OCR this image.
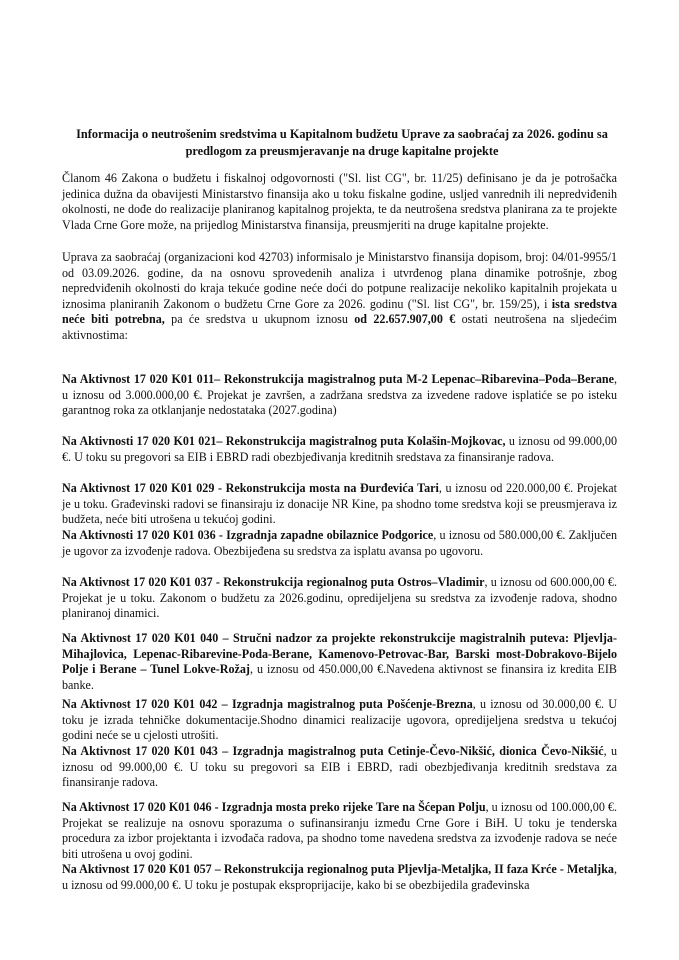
Informacija o neutrošenim sredstvima u Kapitalnom budžetu Uprave za saobraćaj za 2026. godinu sa predlogom za preusmjeravanje na druge kapitalne projekte
Članom 46 Zakona o budžetu i fiskalnoj odgovornosti ("Sl. list CG", br. 11/25) definisano je da je potrošačka jedinica dužna da obavijesti Ministarstvo finansija ako u toku fiskalne godine, usljed vanrednih ili nepredviđenih okolnosti, ne dođe do realizacije planiranog kapitalnog projekta, te da neutrošena sredstva planirana za te projekte Vlada Crne Gore može, na prijedlog Ministarstva finansija, preusmjeriti na druge kapitalne projekte.
Uprava za saobraćaj (organizacioni kod 42703) informisalo je Ministarstvo finansija dopisom, broj: 04/01-9955/1 od 03.09.2026. godine, da na osnovu sprovedenih analiza i utvrđenog plana dinamike potrošnje, zbog nepredviđenih okolnosti do kraja tekuće godine neće doći do potpune realizacije nekoliko kapitalnih projekata u iznosima planiranih Zakonom o budžetu Crne Gore za 2026. godinu ("Sl. list CG", br. 159/25), i ista sredstva neće biti potrebna, pa će sredstva u ukupnom iznosu od 22.657.907,00 € ostati neutrošena na sljedećim aktivnostima:
Na Aktivnost 17 020 K01 011– Rekonstrukcija magistralnog puta M-2 Lepenac–Ribarevina–Poda–Berane, u iznosu od 3.000.000,00 €. Projekat je završen, a zadržana sredstva za izvedene radove isplatiće se po isteku garantnog roka za otklanjanje nedostataka (2027.godina)
Na Aktivnosti 17 020 K01 021– Rekonstrukcija magistralnog puta Kolašin-Mojkovac, u iznosu od 99.000,00 €. U toku su pregovori sa EIB i EBRD radi obezbjeđivanja kreditnih sredstava za finansiranje radova.
Na Aktivnost 17 020 K01 029 - Rekonstrukcija mosta na Đurđevića Tari, u iznosu od 220.000,00 €. Projekat je u toku. Građevinski radovi se finansiraju iz donacije NR Kine, pa shodno tome sredstva koji se preusmjerava iz budžeta, neće biti utrošena u tekućoj godini.
Na Aktivnosti 17 020 K01 036 - Izgradnja zapadne obilaznice Podgorice, u iznosu od 580.000,00 €. Zaključen je ugovor za izvođenje radova. Obezbijeđena su sredstva za isplatu avansa po ugovoru.
Na Aktivnost 17 020 K01 037 - Rekonstrukcija regionalnog puta Ostros–Vladimir, u iznosu od 600.000,00 €. Projekat je u toku. Zakonom o budžetu za 2026.godinu, opredijeljena su sredstva za izvođenje radova, shodno planiranoj dinamici.
Na Aktivnost 17 020 K01 040 – Stručni nadzor za projekte rekonstrukcije magistralnih puteva: Pljevlja-Mihajlovica, Lepenac-Ribarevine-Poda-Berane, Kamenovo-Petrovac-Bar, Barski most-Dobrakovo-Bijelo Polje i Berane – Tunel Lokve-Rožaj, u iznosu od 450.000,00 €.Navedena aktivnost se finansira iz kredita EIB banke.
Na Aktivnost 17 020 K01 042 – Izgradnja magistralnog puta Pošćenje-Brezna, u iznosu od 30.000,00 €. U toku je izrada tehničke dokumentacije.Shodno dinamici realizacije ugovora, opredijeljena sredstva u tekućoj godini neće se u cjelosti utrošiti.
Na Aktivnost 17 020 K01 043 – Izgradnja magistralnog puta Cetinje-Čevo-Nikšić, dionica Čevo-Nikšić, u iznosu od 99.000,00 €. U toku su pregovori sa EIB i EBRD, radi obezbjeđivanja kreditnih sredstava za finansiranje radova.
Na Aktivnost 17 020 K01 046 - Izgradnja mosta preko rijeke Tare na Šćepan Polju, u iznosu od 100.000,00 €. Projekat se realizuje na osnovu sporazuma o sufinansiranju između Crne Gore i BiH. U toku je tenderska procedura za izbor projektanta i izvođača radova, pa shodno tome navedena sredstva za izvođenje radova se neće biti utrošena u ovoj godini.
Na Aktivnost 17 020 K01 057 – Rekonstrukcija regionalnog puta Pljevlja-Metaljka, II faza Krće - Metaljka, u iznosu od 99.000,00 €. U toku je postupak eksproprijacije, kako bi se obezbijedila građevinska
